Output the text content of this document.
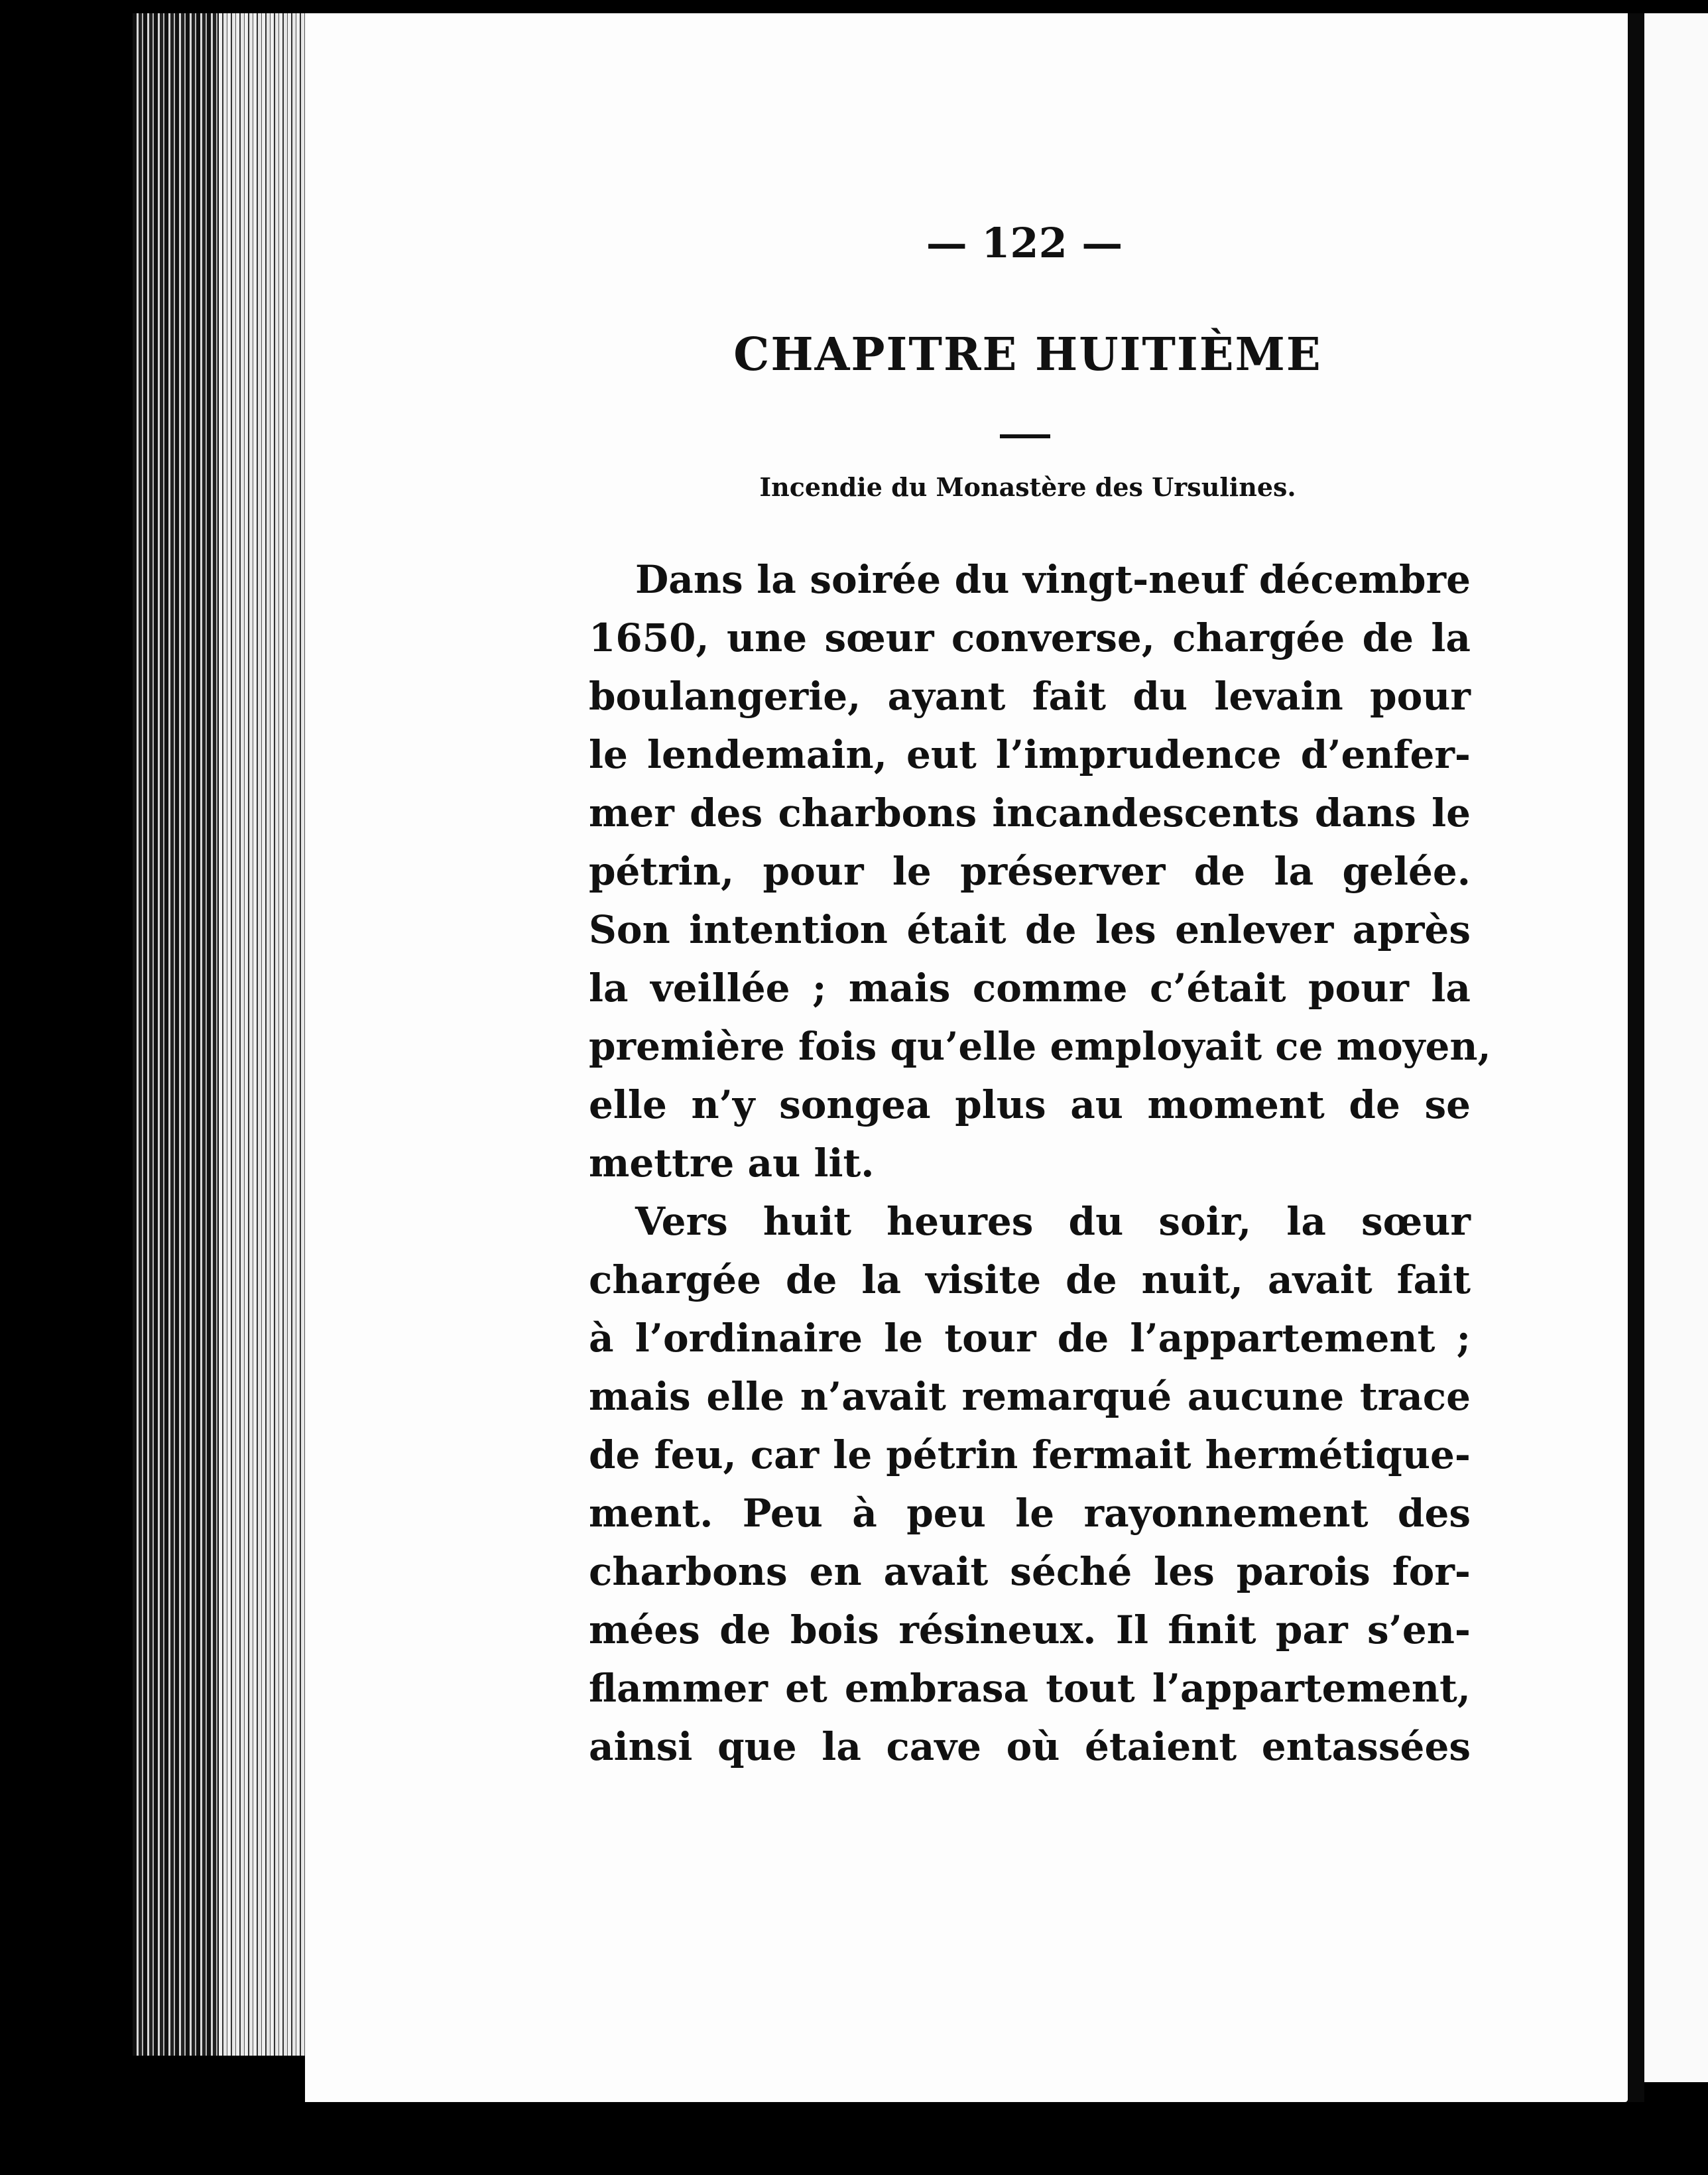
— 122 —

CHAPITRE HUITIÈME

Incendie du Monastère des Ursulines.

Dans la soirée du vingt-neuf décembre
1650, une sœur converse, chargée de la
boulangerie, ayant fait du levain pour
le lendemain, eut l’imprudence d’enfer-
mer des charbons incandescents dans le
pétrin, pour le préserver de la gelée.
Son intention était de les enlever après
la veillée ; mais comme c’était pour la
première fois qu’elle employait ce moyen,
elle n’y songea plus au moment de se
mettre au lit.
Vers huit heures du soir, la sœur
chargée de la visite de nuit, avait fait
à l’ordinaire le tour de l’appartement ;
mais elle n’avait remarqué aucune trace
de feu, car le pétrin fermait hermétique-
ment. Peu à peu le rayonnement des
charbons en avait séché les parois for-
mées de bois résineux. Il finit par s’en-
flammer et embrasa tout l’appartement,
ainsi que la cave où étaient entassées
